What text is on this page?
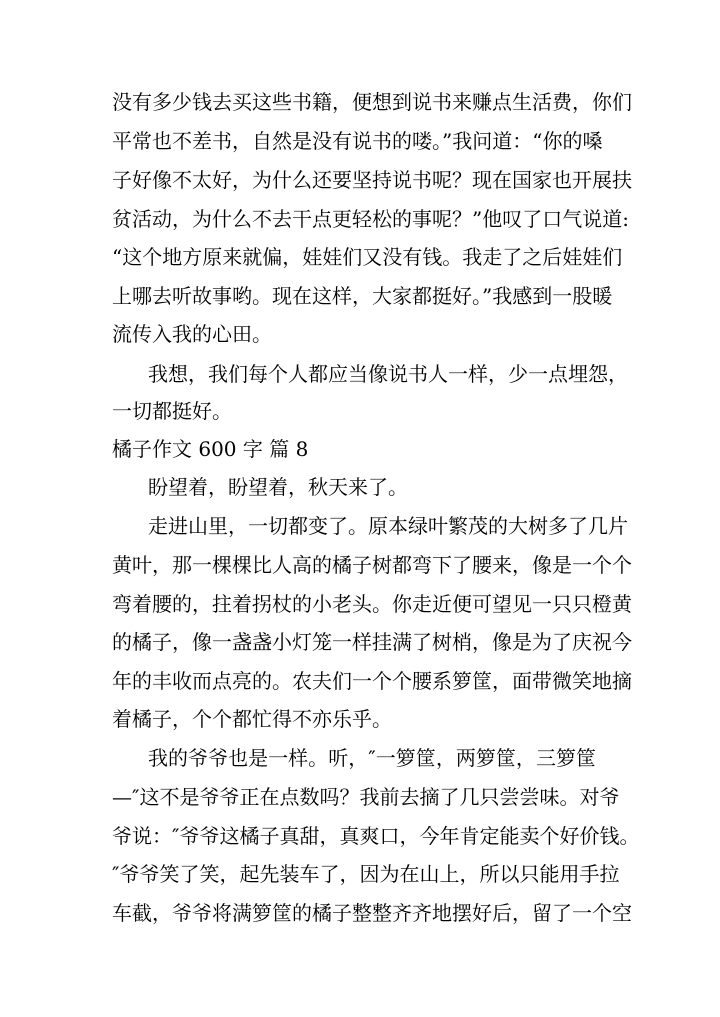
没有多少钱去买这些书籍，便想到说书来赚点生活费，你们
平常也不差书，自然是没有说书的喽。”我问道：“你的嗓
子好像不太好，为什么还要坚持说书呢？现在国家也开展扶
贫活动，为什么不去干点更轻松的事呢？”他叹了口气说道:
“这个地方原来就偏，娃娃们又没有钱。我走了之后娃娃们
上哪去听故事哟。现在这样，大家都挺好。”我感到一股暖
流传入我的心田。
我想，我们每个人都应当像说书人一样，少一点埋怨，
一切都挺好。
橘子作文 600 字 篇 8
盼望着，盼望着，秋天来了。
走进山里，一切都变了。原本绿叶繁茂的大树多了几片
黄叶，那一棵棵比人高的橘子树都弯下了腰来，像是一个个
弯着腰的，拄着拐杖的小老头。你走近便可望见一只只橙黄
的橘子，像一盏盏小灯笼一样挂满了树梢，像是为了庆祝今
年的丰收而点亮的。农夫们一个个腰系箩筐，面带微笑地摘
着橘子，个个都忙得不亦乐乎。
我的爷爷也是一样。听，″一箩筐，两箩筐，三箩筐
—″这不是爷爷正在点数吗？我前去摘了几只尝尝味。对爷
爷说：″爷爷这橘子真甜，真爽口，今年肯定能卖个好价钱。
″爷爷笑了笑，起先装车了，因为在山上，所以只能用手拉
车截，爷爷将满箩筐的橘子整整齐齐地摆好后，留了一个空
